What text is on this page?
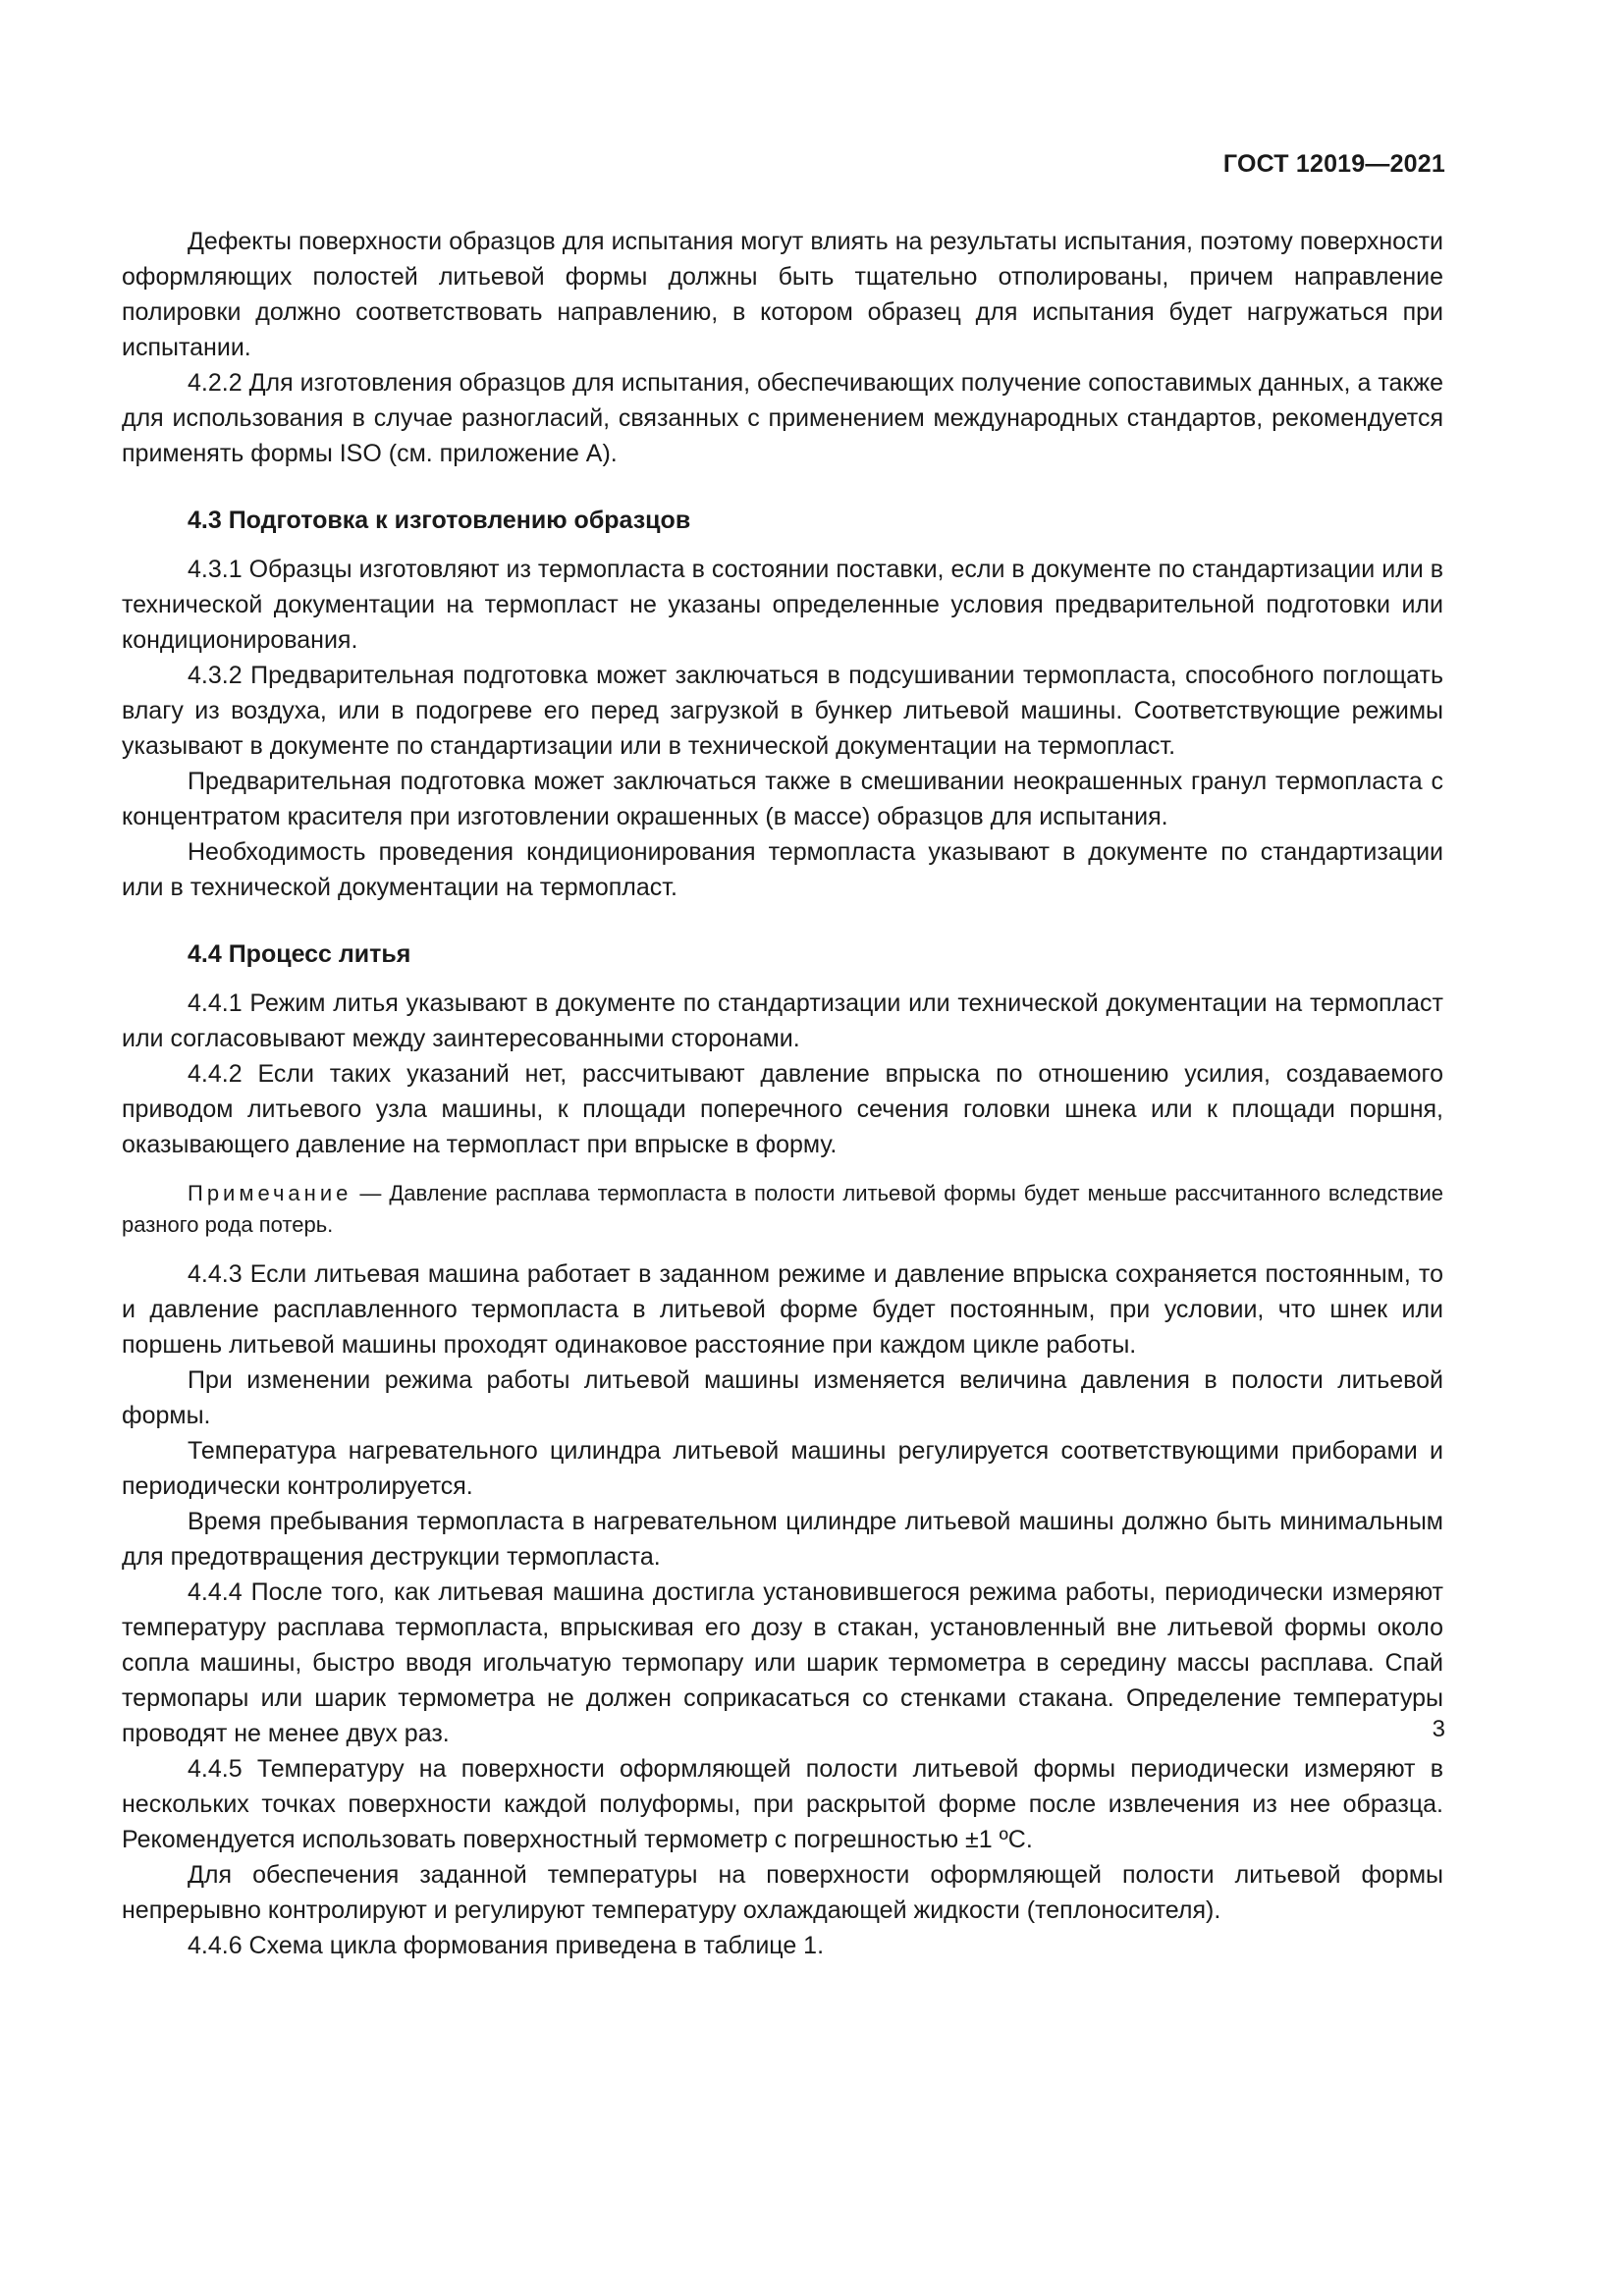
ГОСТ 12019—2021

Дефекты поверхности образцов для испытания могут влиять на результаты испытания, поэтому поверхности оформляющих полостей литьевой формы должны быть тщательно отполированы, причем направление полировки должно соответствовать направлению, в котором образец для испытания будет нагружаться при испытании.

4.2.2 Для изготовления образцов для испытания, обеспечивающих получение сопоставимых данных, а также для использования в случае разногласий, связанных с применением международных стандартов, рекомендуется применять формы ISO (см. приложение А).

4.3 Подготовка к изготовлению образцов

4.3.1 Образцы изготовляют из термопласта в состоянии поставки, если в документе по стандартизации или в технической документации на термопласт не указаны определенные условия предварительной подготовки или кондиционирования.

4.3.2 Предварительная подготовка может заключаться в подсушивании термопласта, способного поглощать влагу из воздуха, или в подогреве его перед загрузкой в бункер литьевой машины. Соответствующие режимы указывают в документе по стандартизации или в технической документации на термопласт.

Предварительная подготовка может заключаться также в смешивании неокрашенных гранул термопласта с концентратом красителя при изготовлении окрашенных (в массе) образцов для испытания.

Необходимость проведения кондиционирования термопласта указывают в документе по стандартизации или в технической документации на термопласт.

4.4 Процесс литья

4.4.1 Режим литья указывают в документе по стандартизации или технической документации на термопласт или согласовывают между заинтересованными сторонами.

4.4.2 Если таких указаний нет, рассчитывают давление впрыска по отношению усилия, создаваемого приводом литьевого узла машины, к площади поперечного сечения головки шнека или к площади поршня, оказывающего давление на термопласт при впрыске в форму.

Примечание — Давление расплава термопласта в полости литьевой формы будет меньше рассчитанного вследствие разного рода потерь.

4.4.3 Если литьевая машина работает в заданном режиме и давление впрыска сохраняется постоянным, то и давление расплавленного термопласта в литьевой форме будет постоянным, при условии, что шнек или поршень литьевой машины проходят одинаковое расстояние при каждом цикле работы.

При изменении режима работы литьевой машины изменяется величина давления в полости литьевой формы.

Температура нагревательного цилиндра литьевой машины регулируется соответствующими приборами и периодически контролируется.

Время пребывания термопласта в нагревательном цилиндре литьевой машины должно быть минимальным для предотвращения деструкции термопласта.

4.4.4 После того, как литьевая машина достигла установившегося режима работы, периодически измеряют температуру расплава термопласта, впрыскивая его дозу в стакан, установленный вне литьевой формы около сопла машины, быстро вводя игольчатую термопару или шарик термометра в середину массы расплава. Спай термопары или шарик термометра не должен соприкасаться со стенками стакана. Определение температуры проводят не менее двух раз.

4.4.5 Температуру на поверхности оформляющей полости литьевой формы периодически измеряют в нескольких точках поверхности каждой полуформы, при раскрытой форме после извлечения из нее образца. Рекомендуется использовать поверхностный термометр с погрешностью ±1 ºС.

Для обеспечения заданной температуры на поверхности оформляющей полости литьевой формы непрерывно контролируют и регулируют температуру охлаждающей жидкости (теплоносителя).

4.4.6 Схема цикла формования приведена в таблице 1.

3
